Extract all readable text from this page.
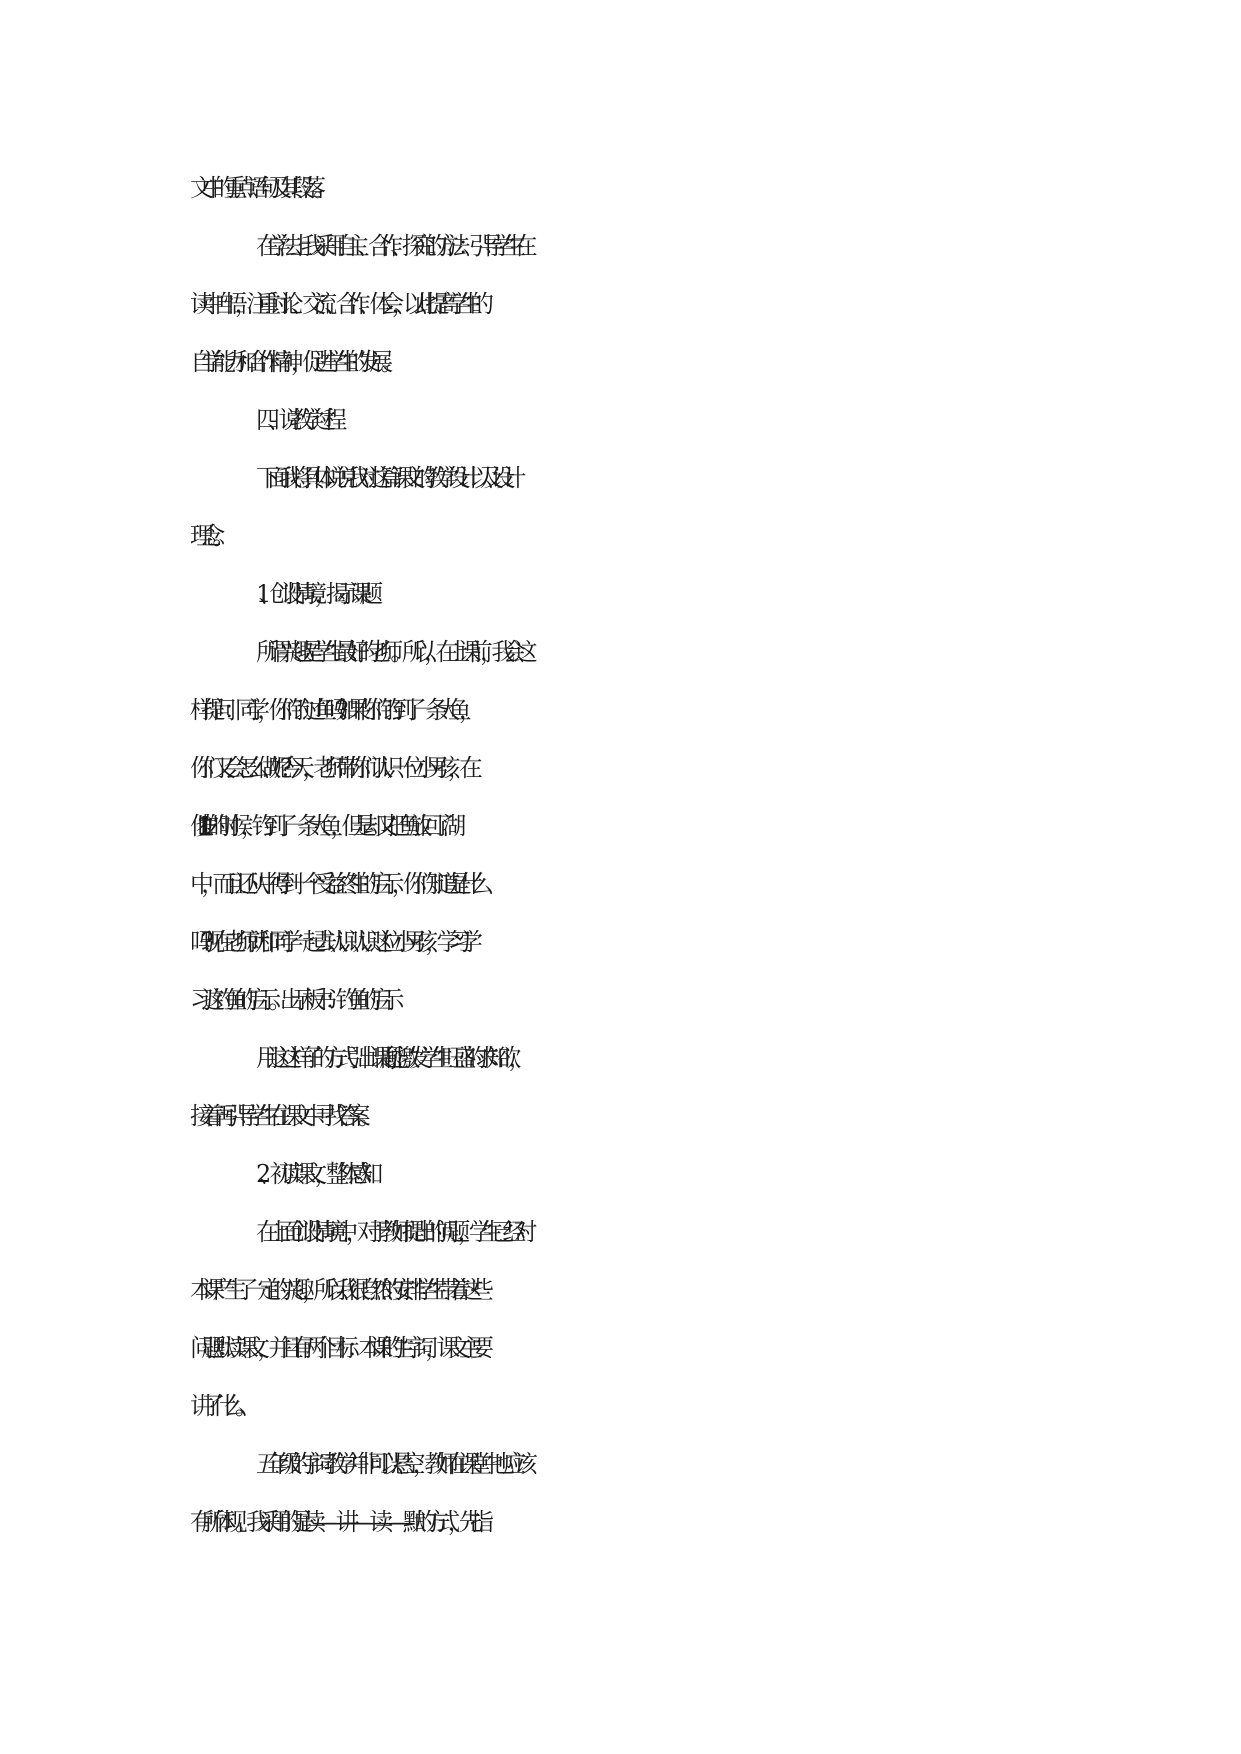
文中的重点语句及其段落。
在学法上我采用自主、合作、探究的方法：引导学生在
读中自悟，注重讨论、交流、合作、体会，以此提高学生的
自学能力和合作精神，促进学生的发展。
四、说教学过程
下面我将具体说说我对这篇课文的教学设计以及设计
理念。
1、创设情境，揭示课题
所谓兴趣是学生最好的老师。所以，在上课前，我会这
样提问：同学，你们钓过鱼吗?如果你们钓到了一条大鱼，
你们又会怎么做呢?今天，老师带你们认识一位小男孩，在
他 11 岁的时候，钓到了一条大鱼，但是却又把鱼放回了湖
中，而且还从中得到一个受益终生的启示，你们知道是什么
吗?现在老师就和同学一起去认识认识这位小男孩，学习学
习这钓鱼的启示。出示板书：钓鱼的启示
用这这样子的方式引出课题,能激发学生旺盛的求知欲，
接着再引导学生在课文中寻找答案。
2、初读课文，整体感知
在上面创设情境中，对于教师提出的问题，学生已经对
本课产生了一定的兴趣，所以我很自然的安排学生带着这些
问题默读课文，并且有两个目标：本课的生字词，课文主要
讲了什么。
五年级的字词教学并非可以悬空，教师在课堂中也应该
有所体现。我采用的是读——讲——读——默的方式，先指
